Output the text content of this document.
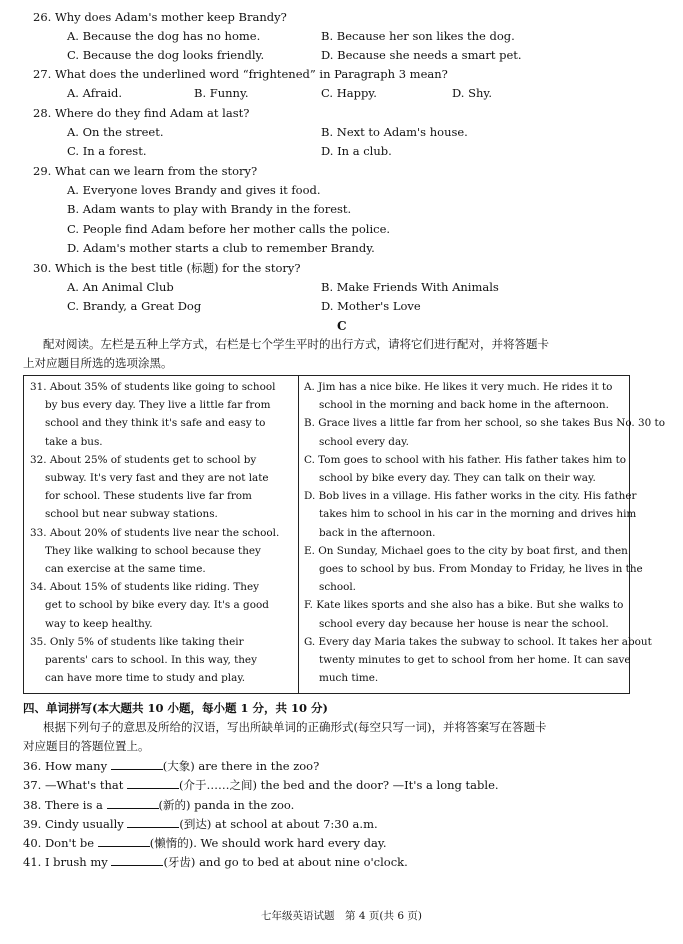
26. Why does Adam's mother keep Brandy?
A. Because the dog has no home.	B. Because her son likes the dog.
C. Because the dog looks friendly.	D. Because she needs a smart pet.
27. What does the underlined word “frightened” in Paragraph 3 mean?
A. Afraid.	B. Funny.	C. Happy.	D. Shy.
28. Where do they find Adam at last?
A. On the street.	B. Next to Adam's house.
C. In a forest.	D. In a club.
29. What can we learn from the story?
A. Everyone loves Brandy and gives it food.
B. Adam wants to play with Brandy in the forest.
C. People find Adam before her mother calls the police.
D. Adam's mother starts a club to remember Brandy.
30. Which is the best title (标题) for the story?
A. An Animal Club	B. Make Friends With Animals
C. Brandy, a Great Dog	D. Mother's Love
C
配对阅读。左栏是五种上学方式，右栏是七个学生平时的出行方式，请将它们进行配对，并将答题卡
上对应题目所选的选项涂黑。
31. About 35% of students like going to school
by bus every day. They live a little far from
school and they think it's safe and easy to
take a bus.
32. About 25% of students get to school by
subway. It's very fast and they are not late
for school. These students live far from
school but near subway stations.
33. About 20% of students live near the school.
They like walking to school because they
can exercise at the same time.
34. About 15% of students like riding. They
get to school by bike every day. It's a good
way to keep healthy.
35. Only 5% of students like taking their
parents' cars to school. In this way, they
can have more time to study and play.
A. Jim has a nice bike. He likes it very much. He rides it to
school in the morning and back home in the afternoon.
B. Grace lives a little far from her school, so she takes Bus No. 30 to
school every day.
C. Tom goes to school with his father. His father takes him to
school by bike every day. They can talk on their way.
D. Bob lives in a village. His father works in the city. His father
takes him to school in his car in the morning and drives him
back in the afternoon.
E. On Sunday, Michael goes to the city by boat first, and then
goes to school by bus. From Monday to Friday, he lives in the
school.
F. Kate likes sports and she also has a bike. But she walks to
school every day because her house is near the school.
G. Every day Maria takes the subway to school. It takes her about
twenty minutes to get to school from her home. It can save
much time.
四、单词拼写(本大题共 10 小题，每小题 1 分，共 10 分)
根据下列句子的意思及所给的汉语，写出所缺单词的正确形式(每空只写一词)，并将答案写在答题卡
对应题目的答题位置上。
36. How many	(大象) are there in the zoo?
37. —What's that	(介于……之间) the bed and the door? —It's a long table.
38. There is a	(新的) panda in the zoo.
39. Cindy usually	(到达) at school at about 7:30 a.m.
40. Don't be	(懒惰的). We should work hard every day.
41. I brush my	(牙齿) and go to bed at about nine o'clock.
七年级英语试题　第 4 页(共 6 页)
